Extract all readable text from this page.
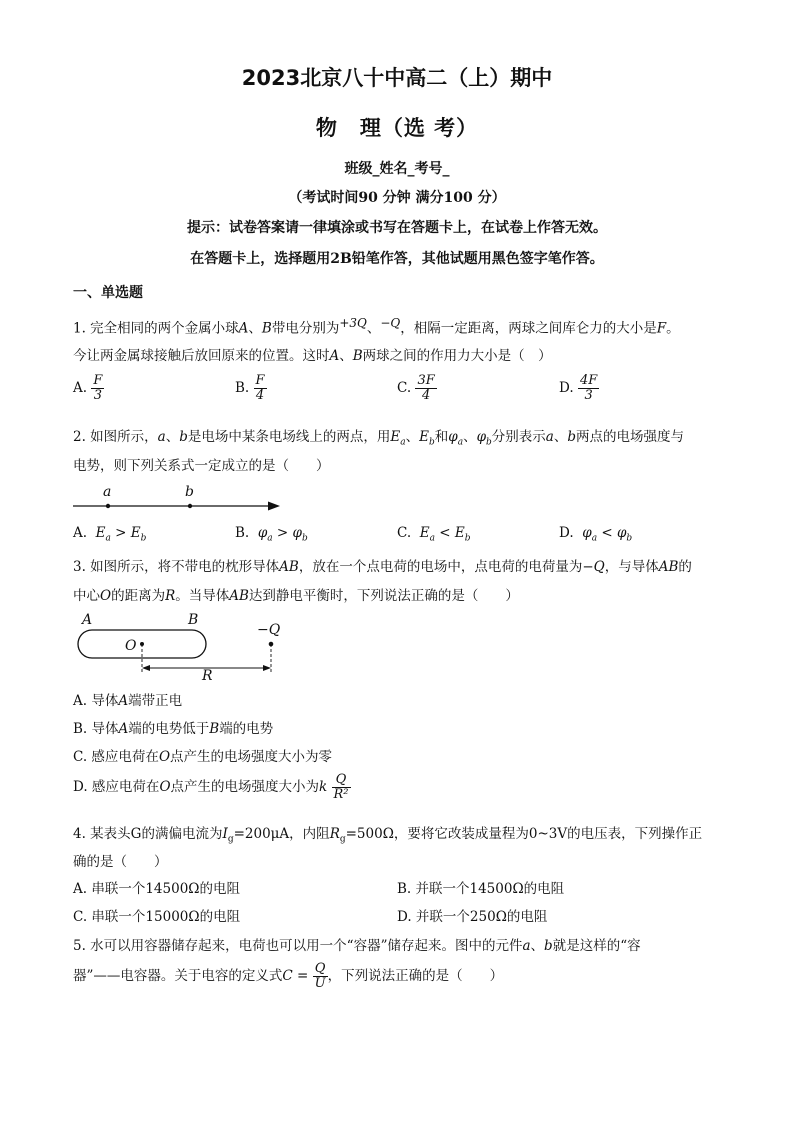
2023北京八十中高二（上）期中
物　理（选 考）
班级_姓名_考号_
（考试时间90 分钟 满分100 分）
提示：试卷答案请一律填涂或书写在答题卡上，在试卷上作答无效。
在答题卡上，选择题用2B铅笔作答，其他试题用黑色签字笔作答。
一、单选题
1. 完全相同的两个金属小球A、B带电分别为$^{+3Q}$、$^{-Q}$，相隔一定距离，两球之间库仑力的大小是F。
今让两金属球接触后放回原来的位置。这时A、B两球之间的作用力大小是（　）
A. $\frac{F}{3}$	B. $\frac{F}{4}$	C. $\frac{3F}{4}$	D. $\frac{4F}{3}$
2. 如图所示，a、b是电场中某条电场线上的两点，用$E_a$、$E_b$和$\varphi_a$、$\varphi_b$分别表示a、b两点的电场强度与
电势，则下列关系式一定成立的是（　　）
a	b
A. $E_a > E_b$	B. $\varphi_a > \varphi_b$	C. $E_a < E_b$	D. $\varphi_a < \varphi_b$
3. 如图所示，将不带电的枕形导体AB，放在一个点电荷的电场中，点电荷的电荷量为−Q，与导体AB的
中心O的距离为R。当导体AB达到静电平衡时，下列说法正确的是（　　）
A	B
O
−Q
R
A. 导体A端带正电
B. 导体A端的电势低于B端的电势
C. 感应电荷在O点产生的电场强度大小为零
D. 感应电荷在O点产生的电场强度大小为k $\frac{Q}{\text{R²}}$
4. 某表头G的满偏电流为$I_g=200\mu A$，内阻$R_g=500\Omega$，要将它改装成量程为0~3V的电压表，下列操作正
确的是（　　）
A. 串联一个14500Ω的电阻	B. 并联一个14500Ω的电阻
C. 串联一个15000Ω的电阻	D. 并联一个250Ω的电阻
5. 水可以用容器储存起来，电荷也可以用一个“容器”储存起来。图中的元件a、b就是这样的“容
器”——电容器。关于电容的定义式$C = \frac{Q}{U}$ ，下列说法正确的是（　　）
